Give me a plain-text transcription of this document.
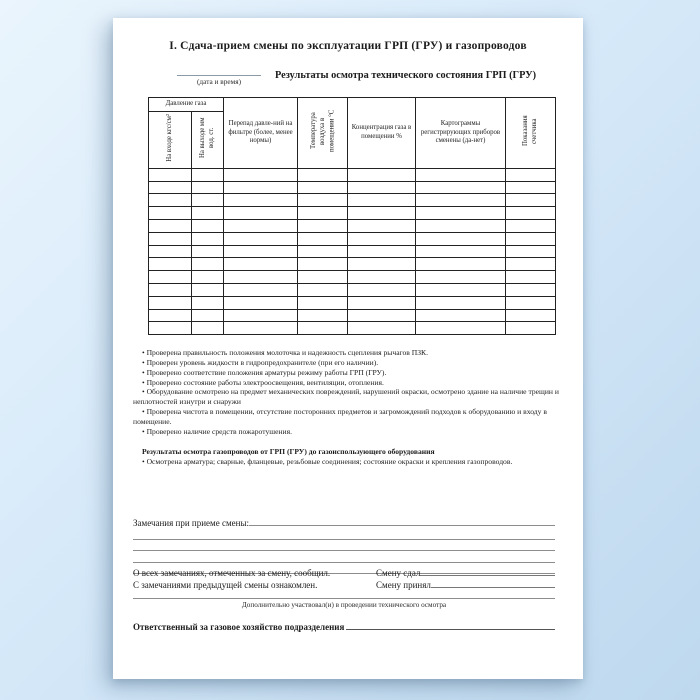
I. Сдача-прием смены по эксплуатации ГРП (ГРУ) и газопроводов
(дата и время)
Результаты осмотра технического состояния ГРП (ГРУ)
Давление газа		Перепад давле-ний на фильтре (более, менее нормы)	Температура воздуха в помещении °С	Концентрация газа в помещении %	Картограммы регистрирующих приборов сменены (да-нет)	Показания счетчика
На входе кгс/см²	На выходе мм вод. ст.					

• Проверена правильность положения молоточка и надежность сцепления рычагов ПЗК.
• Проверен уровень жидкости в гидропредохранителе (при его наличии).
• Проверено соответствие положения арматуры режиму работы ГРП (ГРУ).
• Проверено состояние работы электроосвещения, вентиляции, отопления.
• Оборудование осмотрено на предмет механических повреждений, нарушений окраски, осмотрено здание на наличие трещин и неплотностей изнутри и снаружи
• Проверена чистота в помещении, отсутствие посторонних предметов и загромождений подходов к оборудованию и входу в помещение.
• Проверено наличие средств пожаротушения.
Результаты осмотра газопроводов от ГРП (ГРУ) до газоиспользующего оборудования
• Осмотрена арматура; сварные, фланцевые, резьбовые соединения; состояние окраски и крепления газопроводов.
Замечания при приеме смены:
О всех замечаниях, отмеченных за смену, сообщил.	Смену сдал
С замечаниями предыдущей смены ознакомлен.	Смену принял
Дополнительно участвовал(и) в проведении технического осмотра
Ответственный за газовое хозяйство подразделения
